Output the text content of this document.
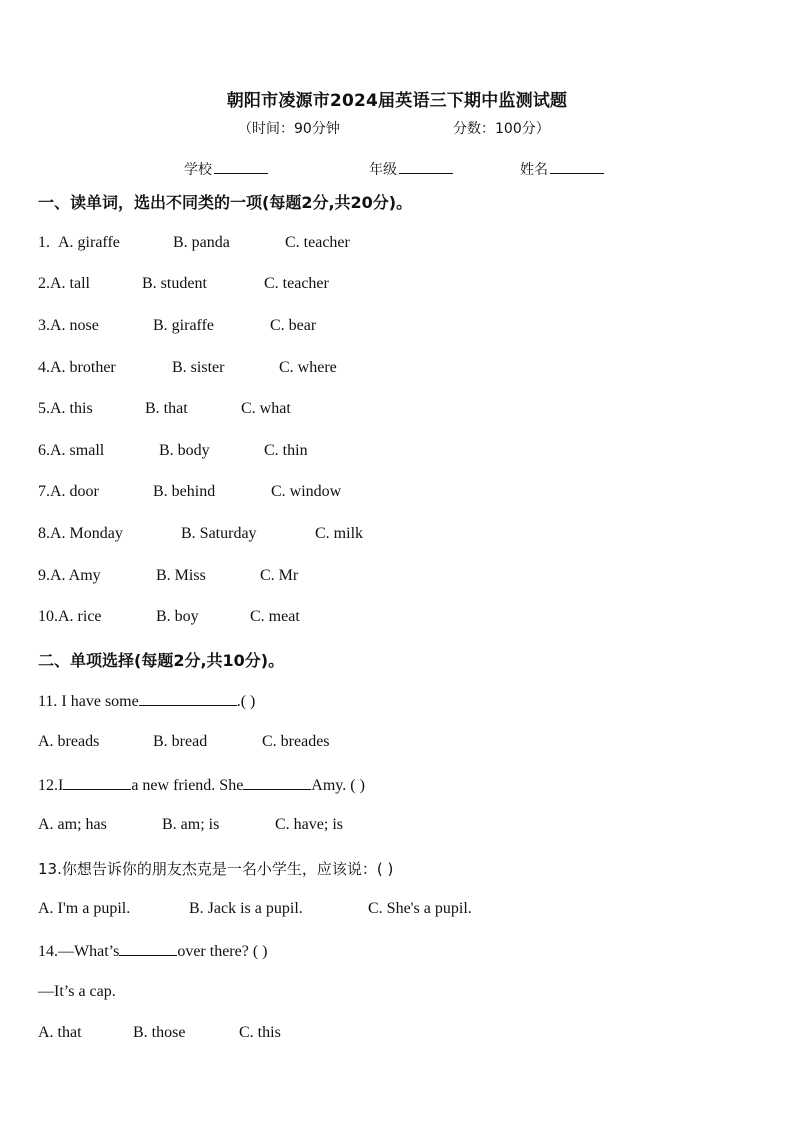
朝阳市凌源市2024届英语三下期中监测试题
（时间：90分钟	分数：100分）
学校	年级	姓名
一、读单词，选出不同类的一项(每题2分,共20分)。
1. A. giraffe	B. panda	C. teacher
2.A. tall	B. student	C. teacher
3.A. nose	B. giraffe	C. bear
4.A. brother	B. sister	C. where
5.A. this	B. that	C. what
6.A. small	B. body	C. thin
7.A. door	B. behind	C. window
8.A. Monday	B. Saturday	C. milk
9.A. Amy	B. Miss	C. Mr
10.A. rice	B. boy	C. meat
二、单项选择(每题2分,共10分)。
11. I have some	.( )
A. breads	B. bread	C. breades
12.I	a new friend. She	Amy. ( )
A. am; has	B. am; is	C. have; is
13.你想告诉你的朋友杰克是一名小学生，应该说：( )
A. I'm a pupil.	B. Jack is a pupil.	C. She's a pupil.
14.—What’s	over there? ( )
—It’s a cap.
A. that	B. those	C. this
